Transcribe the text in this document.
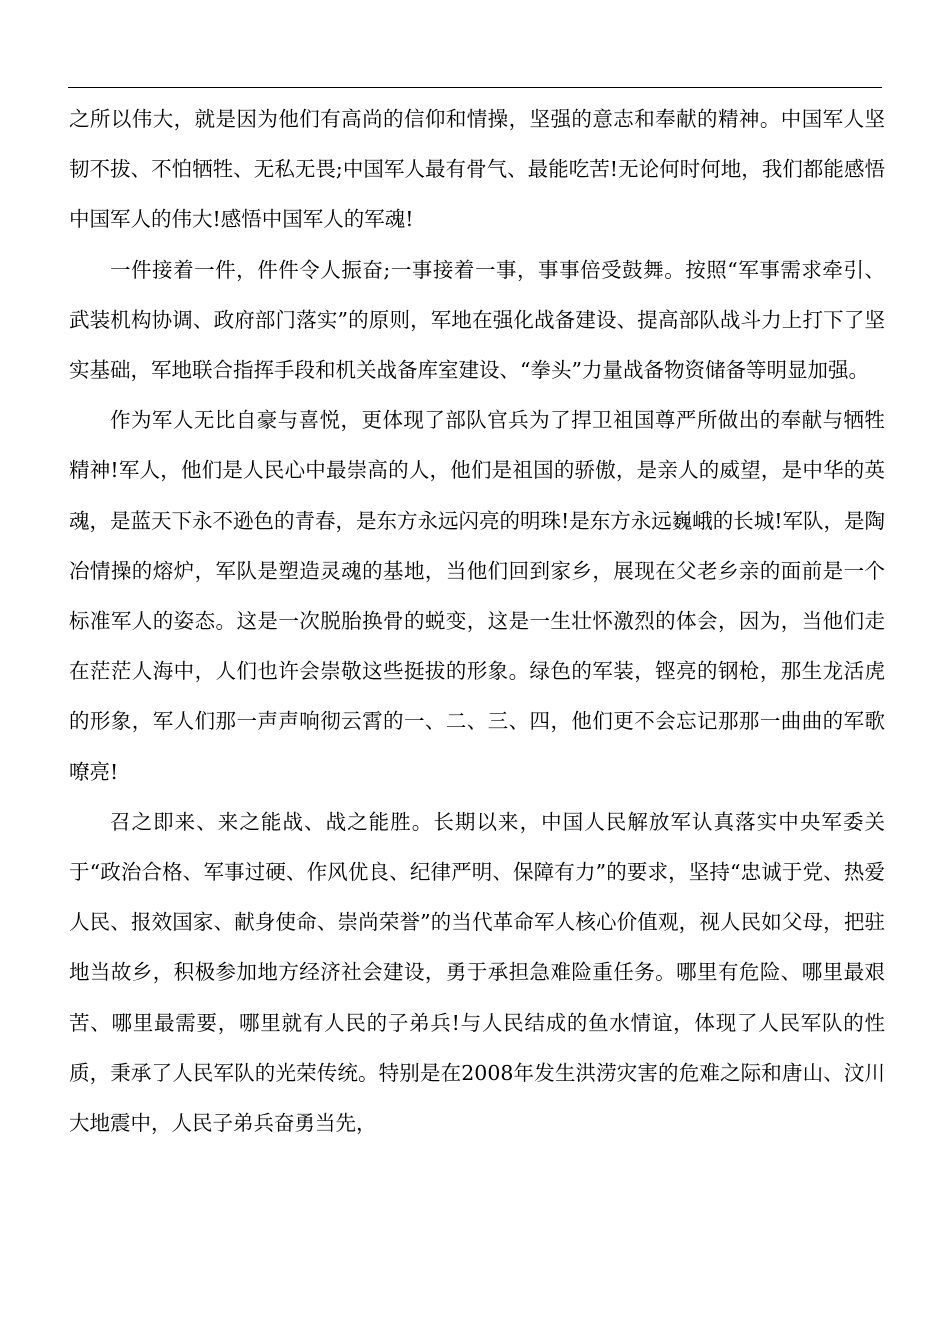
之所以伟大，就是因为他们有高尚的信仰和情操，坚强的意志和奉献的精神。中国军人坚韧不拔、不怕牺牲、无私无畏;中国军人最有骨气、最能吃苦!无论何时何地，我们都能感悟中国军人的伟大!感悟中国军人的军魂!

一件接着一件，件件令人振奋;一事接着一事，事事倍受鼓舞。按照“军事需求牵引、武装机构协调、政府部门落实”的原则，军地在强化战备建设、提高部队战斗力上打下了坚实基础，军地联合指挥手段和机关战备库室建设、“拳头”力量战备物资储备等明显加强。

作为军人无比自豪与喜悦，更体现了部队官兵为了捍卫祖国尊严所做出的奉献与牺牲精神!军人，他们是人民心中最崇高的人，他们是祖国的骄傲，是亲人的威望，是中华的英魂，是蓝天下永不逊色的青春，是东方永远闪亮的明珠!是东方永远巍峨的长城!军队，是陶冶情操的熔炉，军队是塑造灵魂的基地，当他们回到家乡，展现在父老乡亲的面前是一个标准军人的姿态。这是一次脱胎换骨的蜕变，这是一生壮怀激烈的体会，因为，当他们走在茫茫人海中，人们也许会崇敬这些挺拔的形象。绿色的军装，铿亮的钢枪，那生龙活虎的形象，军人们那一声声响彻云霄的一、二、三、四，他们更不会忘记那那一曲曲的军歌嘹亮!

召之即来、来之能战、战之能胜。长期以来，中国人民解放军认真落实中央军委关于“政治合格、军事过硬、作风优良、纪律严明、保障有力”的要求，坚持“忠诚于党、热爱人民、报效国家、献身使命、崇尚荣誉”的当代革命军人核心价值观，视人民如父母，把驻地当故乡，积极参加地方经济社会建设，勇于承担急难险重任务。哪里有危险、哪里最艰苦、哪里最需要，哪里就有人民的子弟兵!与人民结成的鱼水情谊，体现了人民军队的性质，秉承了人民军队的光荣传统。特别是在2008年发生洪涝灾害的危难之际和唐山、汶川大地震中，人民子弟兵奋勇当先，
